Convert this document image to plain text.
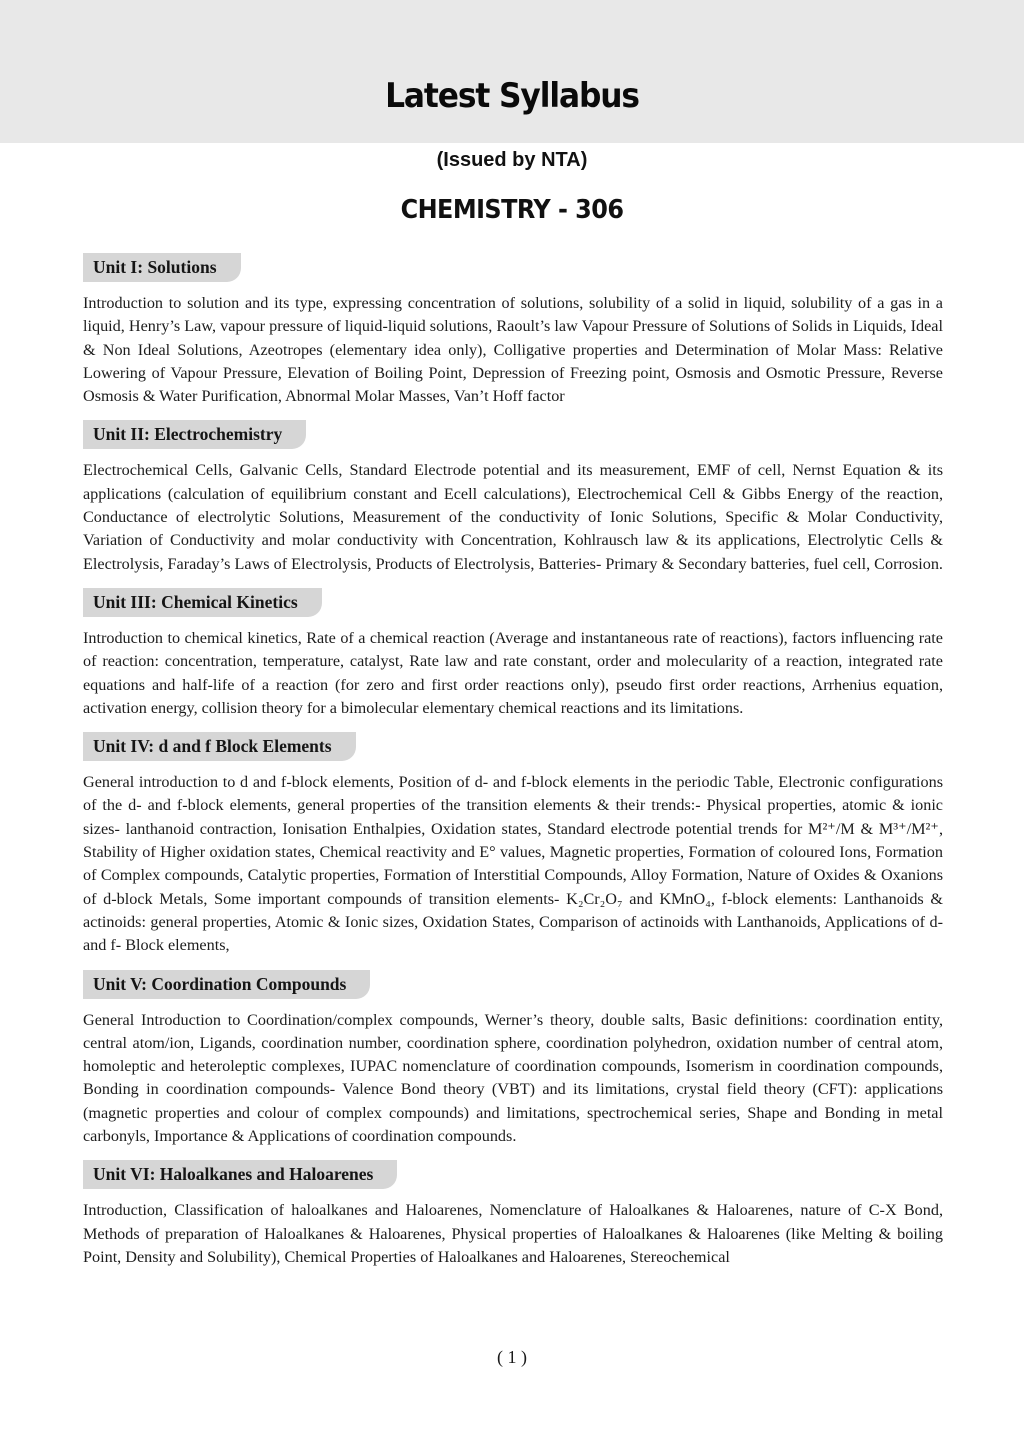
Latest Syllabus
(Issued by NTA)
CHEMISTRY - 306
Unit I: Solutions

Introduction to solution and its type, expressing concentration of solutions, solubility of a solid in liquid, solubility of a gas in a liquid, Henry’s Law, vapour pressure of liquid-liquid solutions, Raoult’s law Vapour Pressure of Solutions of Solids in Liquids, Ideal & Non Ideal Solutions, Azeotropes (elementary idea only), Colligative properties and Determination of Molar Mass: Relative Lowering of Vapour Pressure, Elevation of Boiling Point, Depression of Freezing point, Osmosis and Osmotic Pressure, Reverse Osmosis & Water Purification, Abnormal Molar Masses, Van’t Hoff factor

Unit II: Electrochemistry

Electrochemical Cells, Galvanic Cells, Standard Electrode potential and its measurement, EMF of cell, Nernst Equation & its applications (calculation of equilibrium constant and Ecell calculations), Electrochemical Cell & Gibbs Energy of the reaction, Conductance of electrolytic Solutions, Measurement of the conductivity of Ionic Solutions, Specific & Molar Conductivity, Variation of Conductivity and molar conductivity with Concentration, Kohlrausch law & its applications, Electrolytic Cells & Electrolysis, Faraday’s Laws of Electrolysis, Products of Electrolysis, Batteries- Primary & Secondary batteries, fuel cell, Corrosion.

Unit III: Chemical Kinetics

Introduction to chemical kinetics, Rate of a chemical reaction (Average and instantaneous rate of reactions), factors influencing rate of reaction: concentration, temperature, catalyst, Rate law and rate constant, order and molecularity of a reaction, integrated rate equations and half-life of a reaction (for zero and first order reactions only), pseudo first order reactions, Arrhenius equation, activation energy, collision theory for a bimolecular elementary chemical reactions and its limitations.

Unit IV: d and f Block Elements

General introduction to d and f-block elements, Position of d- and f-block elements in the periodic Table, Electronic configurations of the d- and f-block elements, general properties of the transition elements & their trends:- Physical properties, atomic & ionic sizes- lanthanoid contraction, Ionisation Enthalpies, Oxidation states, Standard electrode potential trends for M²⁺/M & M³⁺/M²⁺, Stability of Higher oxidation states, Chemical reactivity and E° values, Magnetic properties, Formation of coloured Ions, Formation of Complex compounds, Catalytic properties, Formation of Interstitial Compounds, Alloy Formation, Nature of Oxides & Oxanions of d-block Metals, Some important compounds of transition elements- K₂Cr₂O₇ and KMnO₄, f-block elements: Lanthanoids & actinoids: general properties, Atomic & Ionic sizes, Oxidation States, Comparison of actinoids with Lanthanoids, Applications of d-and f- Block elements,

Unit V: Coordination Compounds

General Introduction to Coordination/complex compounds, Werner’s theory, double salts, Basic definitions: coordination entity, central atom/ion, Ligands, coordination number, coordination sphere, coordination polyhedron, oxidation number of central atom, homoleptic and heteroleptic complexes, IUPAC nomenclature of coordination compounds, Isomerism in coordination compounds, Bonding in coordination compounds- Valence Bond theory (VBT) and its limitations, crystal field theory (CFT): applications (magnetic properties and colour of complex compounds) and limitations, spectrochemical series, Shape and Bonding in metal carbonyls, Importance & Applications of coordination compounds.

Unit VI: Haloalkanes and Haloarenes

Introduction, Classification of haloalkanes and Haloarenes, Nomenclature of Haloalkanes & Haloarenes, nature of C-X Bond, Methods of preparation of Haloalkanes & Haloarenes, Physical properties of Haloalkanes & Haloarenes (like Melting & boiling Point, Density and Solubility), Chemical Properties of Haloalkanes and Haloarenes, Stereochemical

( 1 )
